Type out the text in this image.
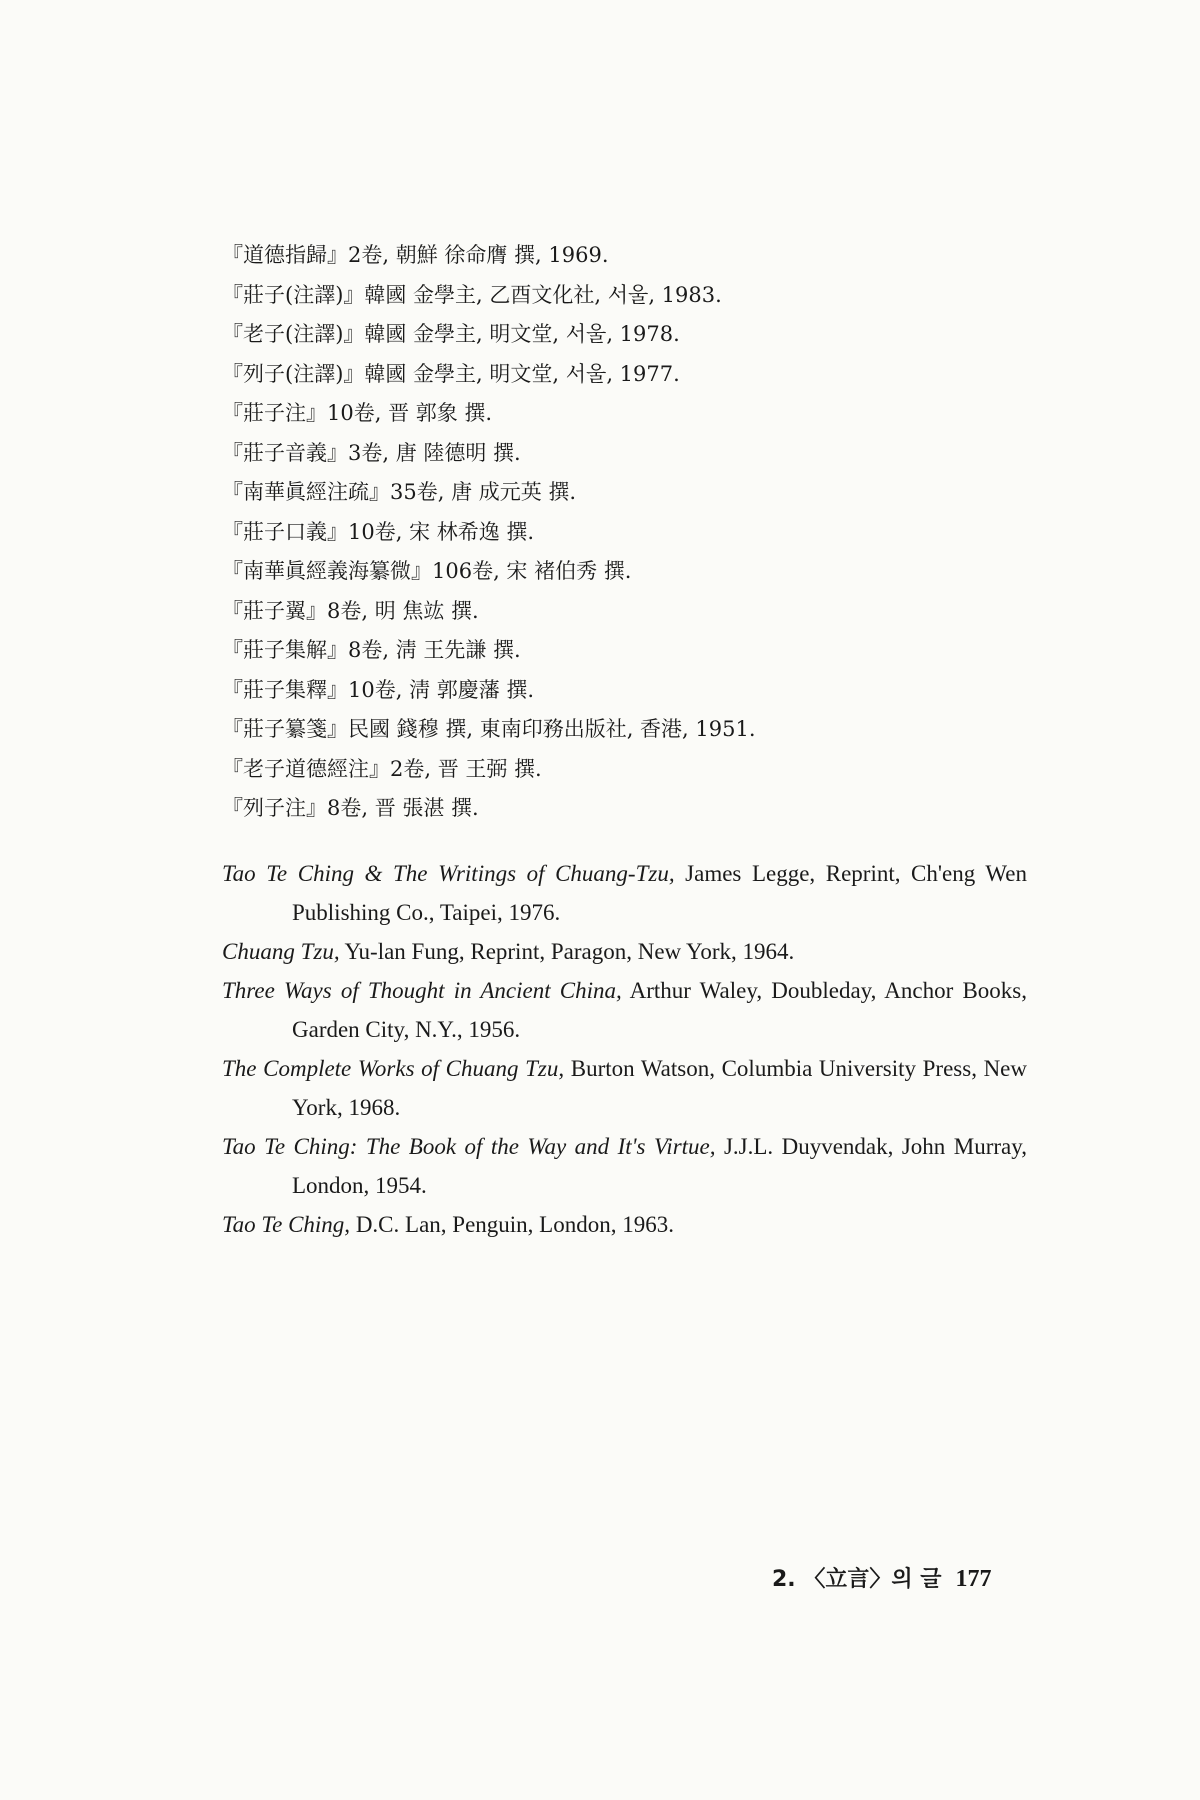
『道德指歸』2卷, 朝鮮 徐命膺 撰, 1969.
『莊子(注譯)』韓國 金學主, 乙酉文化社, 서울, 1983.
『老子(注譯)』韓國 金學主, 明文堂, 서울, 1978.
『列子(注譯)』韓國 金學主, 明文堂, 서울, 1977.
『莊子注』10卷, 晋 郭象 撰.
『莊子音義』3卷, 唐 陸德明 撰.
『南華眞經注疏』35卷, 唐 成元英 撰.
『莊子口義』10卷, 宋 林希逸 撰.
『南華眞經義海纂微』106卷, 宋 褚伯秀 撰.
『莊子翼』8卷, 明 焦竑 撰.
『莊子集解』8卷, 淸 王先謙 撰.
『莊子集釋』10卷, 淸 郭慶藩 撰.
『莊子纂箋』民國 錢穆 撰, 東南印務出版社, 香港, 1951.
『老子道德經注』2卷, 晋 王弼 撰.
『列子注』8卷, 晋 張湛 撰.
Tao Te Ching & The Writings of Chuang-Tzu, James Legge, Reprint, Ch'eng Wen Publishing Co., Taipei, 1976.
Chuang Tzu, Yu-lan Fung, Reprint, Paragon, New York, 1964.
Three Ways of Thought in Ancient China, Arthur Waley, Doubleday, Anchor Books, Garden City, N.Y., 1956.
The Complete Works of Chuang Tzu, Burton Watson, Columbia University Press, New York, 1968.
Tao Te Ching: The Book of the Way and It's Virtue, J.J.L. Duyvendak, John Murray, London, 1954.
Tao Te Ching, D.C. Lan, Penguin, London, 1963.
2. 〈立言〉의 글 177
